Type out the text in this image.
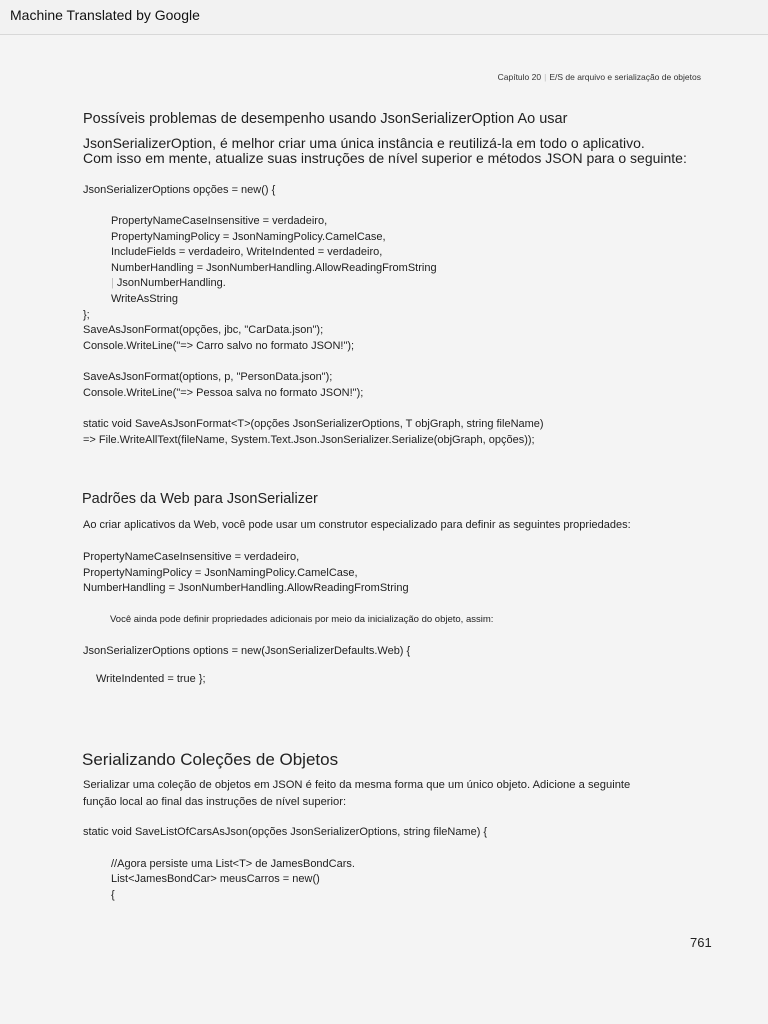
Machine Translated by Google
Capítulo 20 | E/S de arquivo e serialização de objetos
Possíveis problemas de desempenho usando JsonSerializerOption Ao usar
JsonSerializerOption, é melhor criar uma única instância e reutilizá-la em todo o aplicativo.
Com isso em mente, atualize suas instruções de nível superior e métodos JSON para o seguinte:
JsonSerializerOptions opções = new() {
PropertyNameCaseInsensitive = verdadeiro,
PropertyNamingPolicy = JsonNamingPolicy.CamelCase,
IncludeFields = verdadeiro, WriteIndented = verdadeiro,
NumberHandling = JsonNumberHandling.AllowReadingFromString
| JsonNumberHandling.
WriteAsString
};
SaveAsJsonFormat(opções, jbc, "CarData.json");
Console.WriteLine("=> Carro salvo no formato JSON!");
SaveAsJsonFormat(options, p, "PersonData.json");
Console.WriteLine("=> Pessoa salva no formato JSON!");
static void SaveAsJsonFormat<T>(opções JsonSerializerOptions, T objGraph, string fileName)
=> File.WriteAllText(fileName, System.Text.Json.JsonSerializer.Serialize(objGraph, opções));
Padrões da Web para JsonSerializer
Ao criar aplicativos da Web, você pode usar um construtor especializado para definir as seguintes propriedades:
PropertyNameCaseInsensitive = verdadeiro,
PropertyNamingPolicy = JsonNamingPolicy.CamelCase,
NumberHandling = JsonNumberHandling.AllowReadingFromString
Você ainda pode definir propriedades adicionais por meio da inicialização do objeto, assim:
JsonSerializerOptions options = new(JsonSerializerDefaults.Web) {
WriteIndented = true };
Serializando Coleções de Objetos
Serializar uma coleção de objetos em JSON é feito da mesma forma que um único objeto. Adicione a seguinte
função local ao final das instruções de nível superior:
static void SaveListOfCarsAsJson(opções JsonSerializerOptions, string fileName) {
//Agora persiste uma List<T> de JamesBondCars.
List<JamesBondCar> meusCarros = new()
{
761
